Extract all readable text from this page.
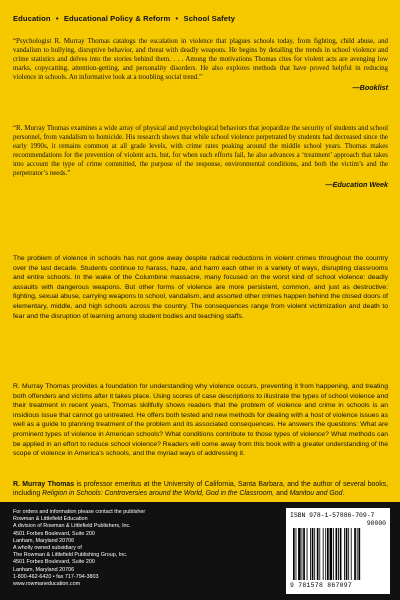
Education • Educational Policy & Reform • School Safety
“Psychologist R. Murray Thomas catalogs the escalation in violence that plagues schools today, from fighting, child abuse, and vandalism to bullying, disruptive behavior, and threat with deadly weapons. He begins by detailing the trends in school violence and crime statistics and delves into the stories behind them. . . . Among the motivations Thomas cites for violent acts are avenging low marks, copycatting, attention-getting, and personality disorders. He also explores methods that have proved helpful in reducing violence in schools. An informative look at a troubling social trend.”
—Booklist
“R. Murray Thomas examines a wide array of physical and psychological behaviors that jeopardize the security of students and school personnel, from vandalism to homicide. His research shows that while school violence perpetrated by students had decreased since the early 1990s, it remains common at all grade levels, with crime rates peaking around the middle school years. Thomas makes recommendations for the prevention of violent acts, but, for when such efforts fail, he also advances a ‘treatment’ approach that takes into account the type of crime committed, the purpose of the response, environmental conditions, and both the victim’s and the perpetrator’s needs.”
—Education Week
The problem of violence in schools has not gone away despite radical reductions in violent crimes throughout the country over the last decade. Students continue to harass, haze, and harm each other in a variety of ways, disrupting classrooms and entire schools. In the wake of the Columbine massacre, many focused on the worst kind of school violence: deadly assaults with dangerous weapons. But other forms of violence are more persistent, common, and just as destructive: fighting, sexual abuse, carrying weapons to school, vandalism, and assorted other crimes happen behind the closed doors of elementary, middle, and high schools across the country. The consequences range from violent victimization and death to fear and the disruption of learning among student bodies and teaching staffs.
R. Murray Thomas provides a foundation for understanding why violence occurs, preventing it from happening, and treating both offenders and victims after it takes place. Using scores of case descriptions to illustrate the types of school violence and their treatment in recent years, Thomas skillfully shows readers that the problem of violence and crime in schools is an insidious issue that cannot go untreated. He offers both tested and new methods for dealing with a host of violence issues as well as a guide to planning treatment of the problem and its associated consequences. He answers the questions: What are prominent types of violence in American schools? What conditions contribute to those types of violence? What methods can be applied in an effort to reduce school violence? Readers will come away from this book with a greater understanding of the scope of violence in America’s schools, and the myriad ways of addressing it.
R. Murray Thomas is professor emeritus at the University of California, Santa Barbara, and the author of several books, including Religion in Schools: Controversies around the World, God in the Classroom, and Manitou and God.
For orders and information please contact the publisher
Rowman & Littlefield Education
A division of Rowman & Littlefield Publishers, Inc.
4501 Forbes Boulevard, Suite 200
Lanham, Maryland 20706
A wholly owned subsidiary of
The Rowman & Littlefield Publishing Group, Inc.
4501 Forbes Boulevard, Suite 200
Lanham, Maryland 20706
1-800-462-6420 • fax 717-794-3803
www.rowmaneducation.com
ISBN 978-1-57886-709-7
90000
9 781578 867097
